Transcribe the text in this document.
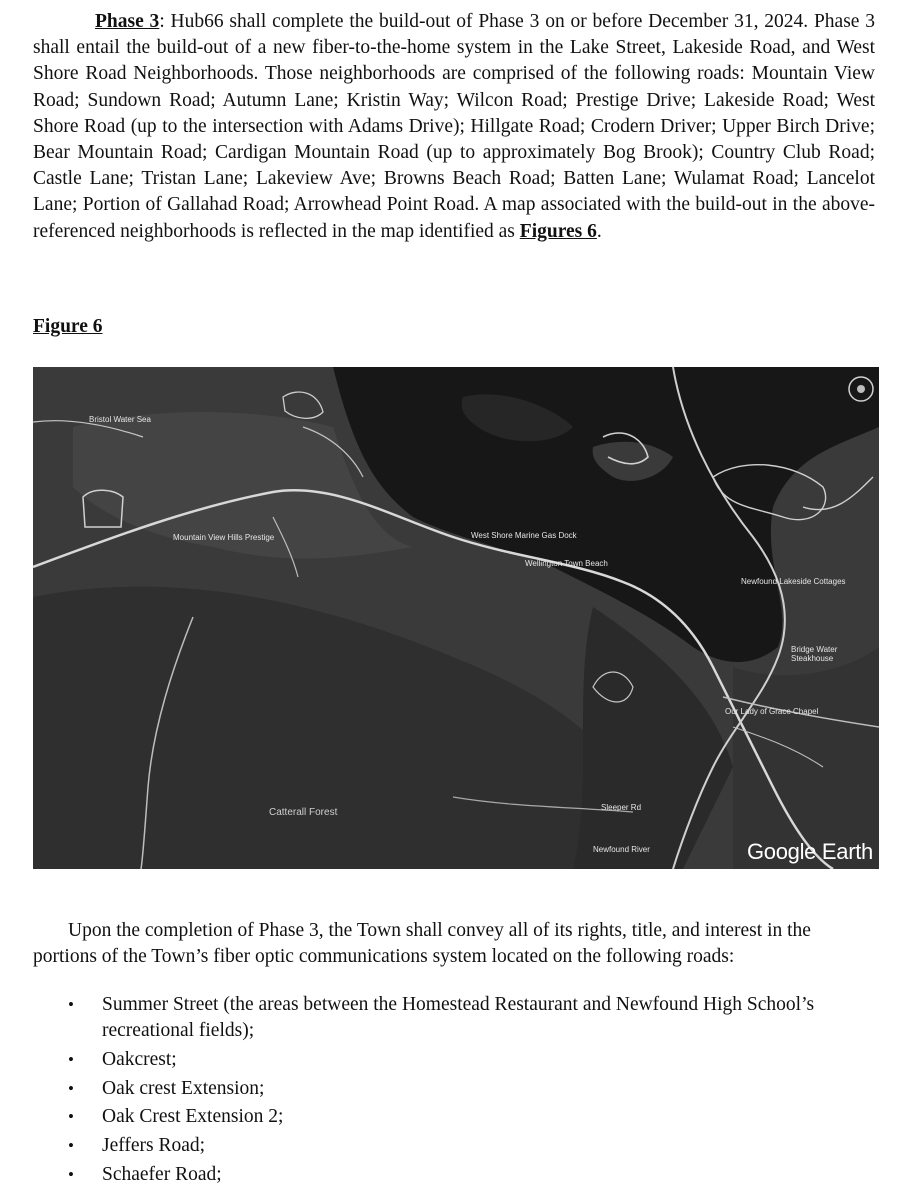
Phase 3: Hub66 shall complete the build-out of Phase 3 on or before December 31, 2024. Phase 3 shall entail the build-out of a new fiber-to-the-home system in the Lake Street, Lakeside Road, and West Shore Road Neighborhoods. Those neighborhoods are comprised of the following roads: Mountain View Road; Sundown Road; Autumn Lane; Kristin Way; Wilcon Road; Prestige Drive; Lakeside Road; West Shore Road (up to the intersection with Adams Drive); Hillgate Road; Crodern Driver; Upper Birch Drive; Bear Mountain Road; Cardigan Mountain Road (up to approximately Bog Brook); Country Club Road; Castle Lane; Tristan Lane; Lakeview Ave; Browns Beach Road; Batten Lane; Wulamat Road; Lancelot Lane; Portion of Gallahad Road; Arrowhead Point Road. A map associated with the build-out in the above-referenced neighborhoods is reflected in the map identified as Figures 6.
Figure 6
Bristol Water Sea
Mountain View Hills Prestige	West Shore Marine Gas Dock
Wellington Town Beach
Newfound Lakeside Cottages
Bridge Water Steakhouse
Our Lady of Grace Chapel
Newfound River
Sleeper Rd
Catterall Forest
Google Earth
Upon the completion of Phase 3, the Town shall convey all of its rights, title, and interest in the portions of the Town’s fiber optic communications system located on the following roads:
• Summer Street (the areas between the Homestead Restaurant and Newfound High School’s recreational fields);
• Oakcrest;
• Oak crest Extension;
• Oak Crest Extension 2;
• Jeffers Road;
• Schaefer Road;
